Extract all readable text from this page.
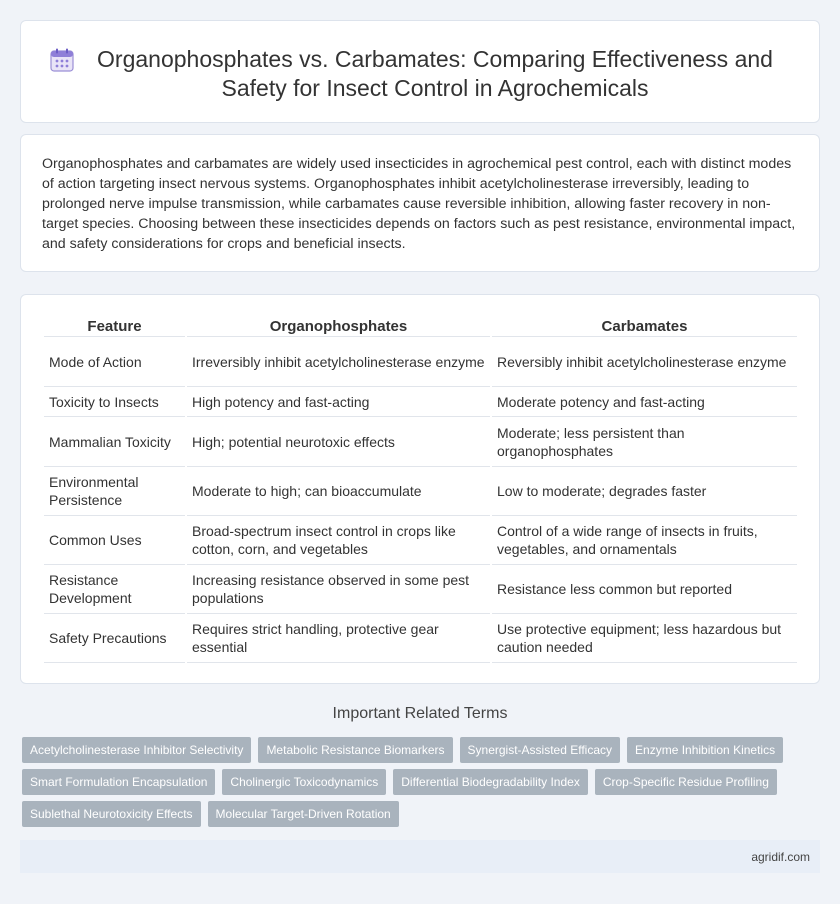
Organophosphates vs. Carbamates: Comparing Effectiveness and Safety for Insect Control in Agrochemicals

Organophosphates and carbamates are widely used insecticides in agrochemical pest control, each with distinct modes of action targeting insect nervous systems. Organophosphates inhibit acetylcholinesterase irreversibly, leading to prolonged nerve impulse transmission, while carbamates cause reversible inhibition, allowing faster recovery in non-target species. Choosing between these insecticides depends on factors such as pest resistance, environmental impact, and safety considerations for crops and beneficial insects.

Feature	Organophosphates	Carbamates
Mode of Action	Irreversibly inhibit acetylcholinesterase enzyme	Reversibly inhibit acetylcholinesterase enzyme
Toxicity to Insects	High potency and fast-acting	Moderate potency and fast-acting
Mammalian Toxicity	High; potential neurotoxic effects	Moderate; less persistent than organophosphates
Environmental Persistence	Moderate to high; can bioaccumulate	Low to moderate; degrades faster
Common Uses	Broad-spectrum insect control in crops like cotton, corn, and vegetables	Control of a wide range of insects in fruits, vegetables, and ornamentals
Resistance Development	Increasing resistance observed in some pest populations	Resistance less common but reported
Safety Precautions	Requires strict handling, protective gear essential	Use protective equipment; less hazardous but caution needed
Important Related Terms
Acetylcholinesterase Inhibitor Selectivity	Metabolic Resistance Biomarkers	Synergist-Assisted Efficacy	Enzyme Inhibition Kinetics
Smart Formulation Encapsulation	Cholinergic Toxicodynamics	Differential Biodegradability Index	Crop-Specific Residue Profiling
Sublethal Neurotoxicity Effects	Molecular Target-Driven Rotation
agridif.com
